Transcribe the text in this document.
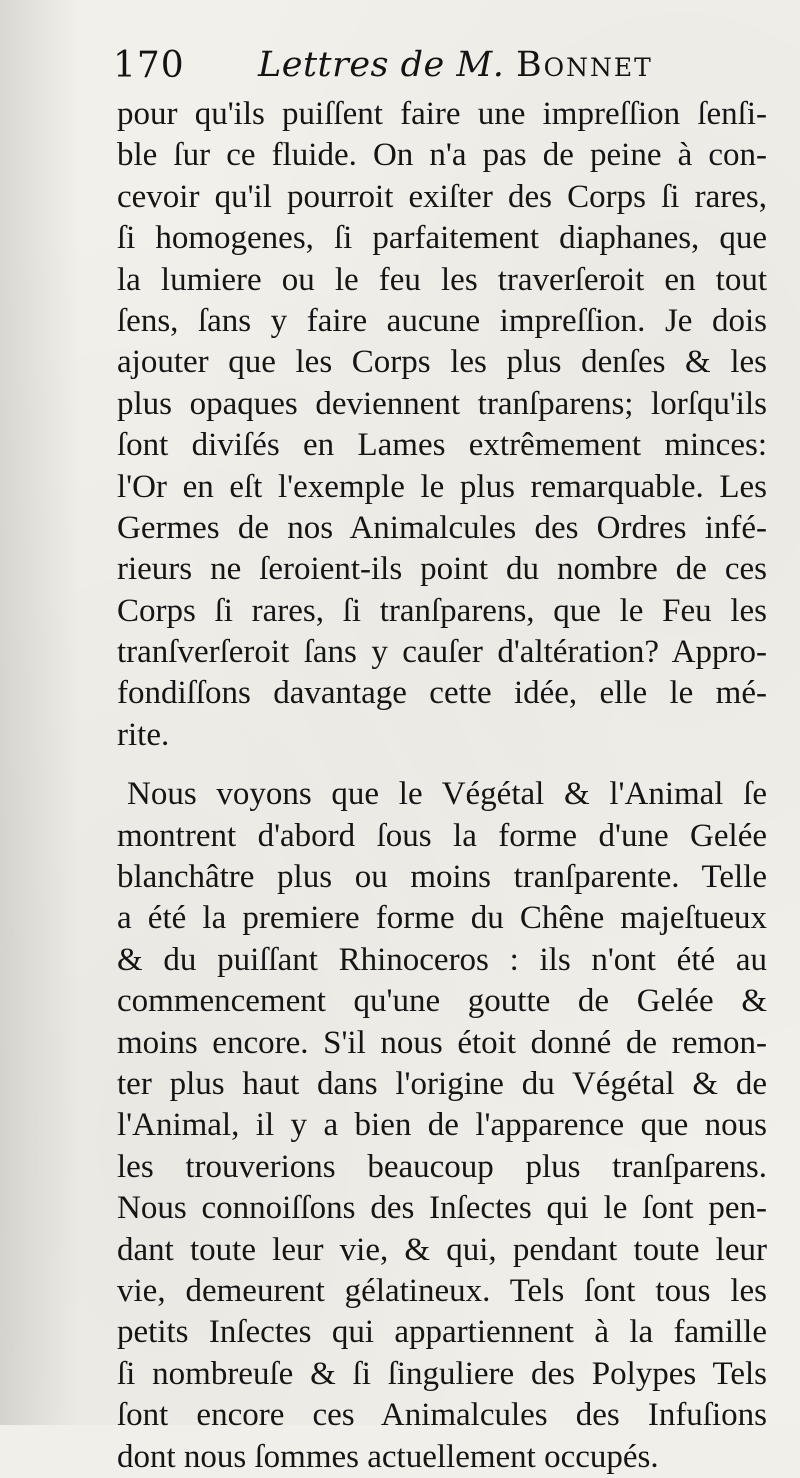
170 Lettres de M. Bonnet
pour qu'ils puiſſent faire une impreſſion ſenſi-
ble ſur ce fluide. On n'a pas de peine à con-
cevoir qu'il pourroit exiſter des Corps ſi rares,
ſi homogenes, ſi parfaitement diaphanes, que
la lumiere ou le feu les traverſeroit en tout
ſens, ſans y faire aucune impreſſion. Je dois
ajouter que les Corps les plus denſes & les
plus opaques deviennent tranſparens; lorſqu'ils
ſont diviſés en Lames extrêmement minces:
l'Or en eſt l'exemple le plus remarquable. Les
Germes de nos Animalcules des Ordres infé-
rieurs ne ſeroient-ils point du nombre de ces
Corps ſi rares, ſi tranſparens, que le Feu les
tranſverſeroit ſans y cauſer d'altération? Appro-
fondiſſons davantage cette idée, elle le mé-
rite.
Nous voyons que le Végétal & l'Animal ſe
montrent d'abord ſous la forme d'une Gelée
blanchâtre plus ou moins tranſparente. Telle
a été la premiere forme du Chêne majeſtueux
& du puiſſant Rhinoceros : ils n'ont été au
commencement qu'une goutte de Gelée &
moins encore. S'il nous étoit donné de remon-
ter plus haut dans l'origine du Végétal & de
l'Animal, il y a bien de l'apparence que nous
les trouverions beaucoup plus tranſparens.
Nous connoiſſons des Inſectes qui le ſont pen-
dant toute leur vie, & qui, pendant toute leur
vie, demeurent gélatineux. Tels ſont tous les
petits Inſectes qui appartiennent à la famille
ſi nombreuſe & ſi ſinguliere des Polypes Tels
ſont encore ces Animalcules des Infuſions
dont nous ſommes actuellement occupés.
